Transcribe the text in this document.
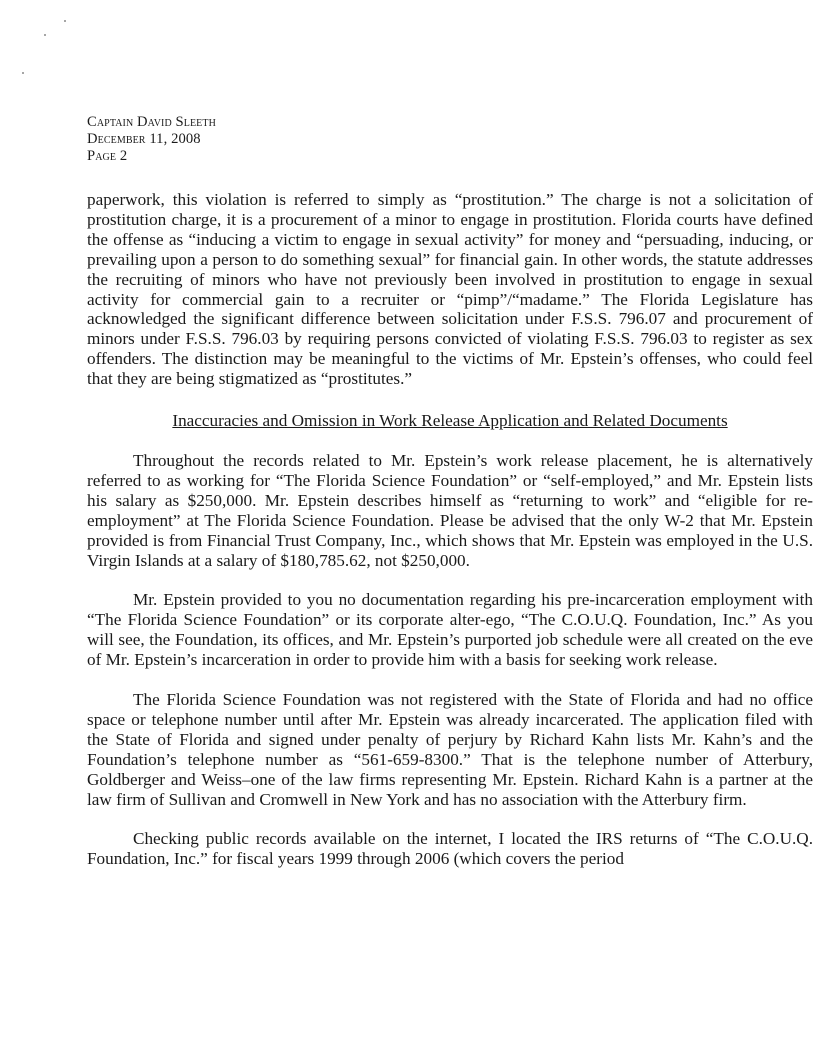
Captain David Sleeth
December 11, 2008
Page 2

paperwork, this violation is referred to simply as “prostitution.” The charge is not a solicitation of prostitution charge, it is a procurement of a minor to engage in prostitution. Florida courts have defined the offense as “inducing a victim to engage in sexual activity” for money and “persuading, inducing, or prevailing upon a person to do something sexual” for financial gain. In other words, the statute addresses the recruiting of minors who have not previously been involved in prostitution to engage in sexual activity for commercial gain to a recruiter or “pimp”/“madame.” The Florida Legislature has acknowledged the significant difference between solicitation under F.S.S. 796.07 and procurement of minors under F.S.S. 796.03 by requiring persons convicted of violating F.S.S. 796.03 to register as sex offenders. The distinction may be meaningful to the victims of Mr. Epstein’s offenses, who could feel that they are being stigmatized as “prostitutes.”

Inaccuracies and Omission in Work Release Application and Related Documents

Throughout the records related to Mr. Epstein’s work release placement, he is alternatively referred to as working for “The Florida Science Foundation” or “self-employed,” and Mr. Epstein lists his salary as $250,000. Mr. Epstein describes himself as “returning to work” and “eligible for re-employment” at The Florida Science Foundation. Please be advised that the only W-2 that Mr. Epstein provided is from Financial Trust Company, Inc., which shows that Mr. Epstein was employed in the U.S. Virgin Islands at a salary of $180,785.62, not $250,000.

Mr. Epstein provided to you no documentation regarding his pre-incarceration employment with “The Florida Science Foundation” or its corporate alter-ego, “The C.O.U.Q. Foundation, Inc.” As you will see, the Foundation, its offices, and Mr. Epstein’s purported job schedule were all created on the eve of Mr. Epstein’s incarceration in order to provide him with a basis for seeking work release.

The Florida Science Foundation was not registered with the State of Florida and had no office space or telephone number until after Mr. Epstein was already incarcerated. The application filed with the State of Florida and signed under penalty of perjury by Richard Kahn lists Mr. Kahn’s and the Foundation’s telephone number as “561-659-8300.” That is the telephone number of Atterbury, Goldberger and Weiss–one of the law firms representing Mr. Epstein. Richard Kahn is a partner at the law firm of Sullivan and Cromwell in New York and has no association with the Atterbury firm.

Checking public records available on the internet, I located the IRS returns of “The C.O.U.Q. Foundation, Inc.” for fiscal years 1999 through 2006 (which covers the period
